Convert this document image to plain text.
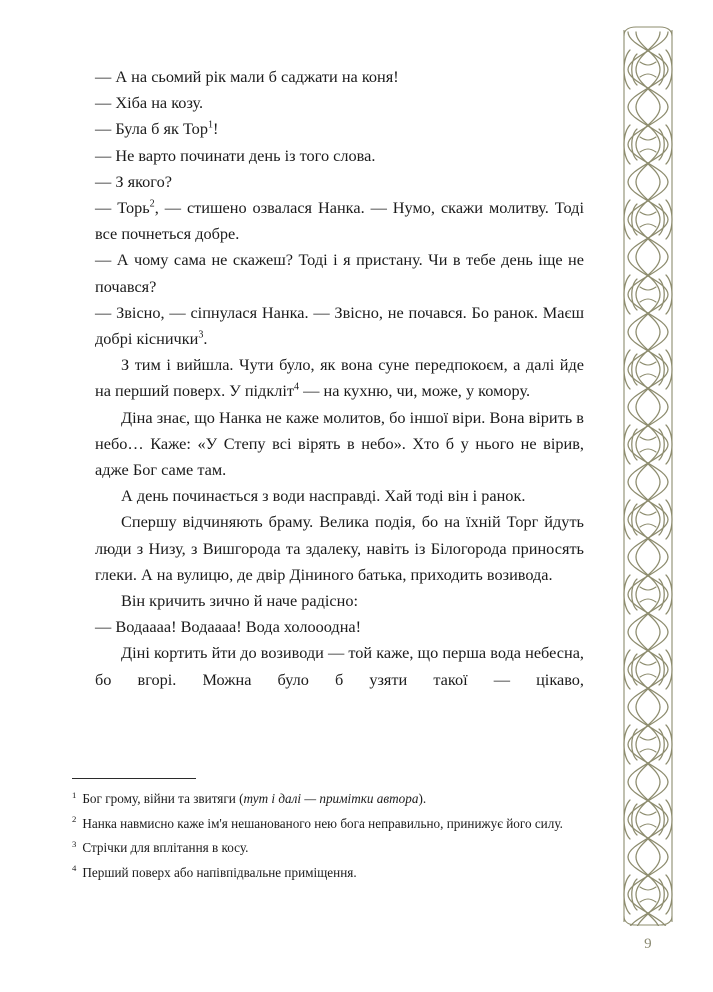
— А на сьомий рік мали б саджати на коня!
— Хіба на козу.

— Була б як Тор$^1$!

— Не варто починати день із того слова.
— З якого?

— Торь$^2$, — стишено озвалася Нанка. — Нумо, скажи молитву. Тоді все почнеться добре.

— А чому сама не скажеш? Тоді і я пристану. Чи в тебе день іще не почався?

— Звісно, — сіпнулася Нанка. — Звісно, не почався. Бо ранок. Маєш добрі кіснички$^3$.

З тим і вийшла. Чути було, як вона суне передпокоєм, а далі йде на перший поверх. У підкліт$^4$ — на кухню, чи, може, у комору.

Діна знає, що Нанка не каже молитов, бо іншої віри. Вона вірить в небо… Каже: «У Степу всі вірять в небо». Хто б у нього не вірив, адже Бог саме там.

А день починається з води насправді. Хай тоді він і ранок.

Спершу відчиняють браму. Велика подія, бо на їхній Торг йдуть люди з Низу, з Вишгорода та здалеку, навіть із Білогорода приносять глеки. А на вулицю, де двір Діниного батька, приходить возивода.

Він кричить зично й наче радісно:

— Водаааа! Водаааа! Вода холооодна!

Діні кортить йти до возиводи — той каже, що перша вода небесна, бо вгорі. Можна було б узяти такої — цікаво,

$^1$ Бог грому, війни та звитяги (тут і далі — примітки автора).

$^2$ Нанка навмисно каже ім'я нешанованого нею бога неправильно, принижує його силу.

$^3$ Стрічки для вплітання в косу.

$^4$ Перший поверх або напівпідвальне приміщення.

9
